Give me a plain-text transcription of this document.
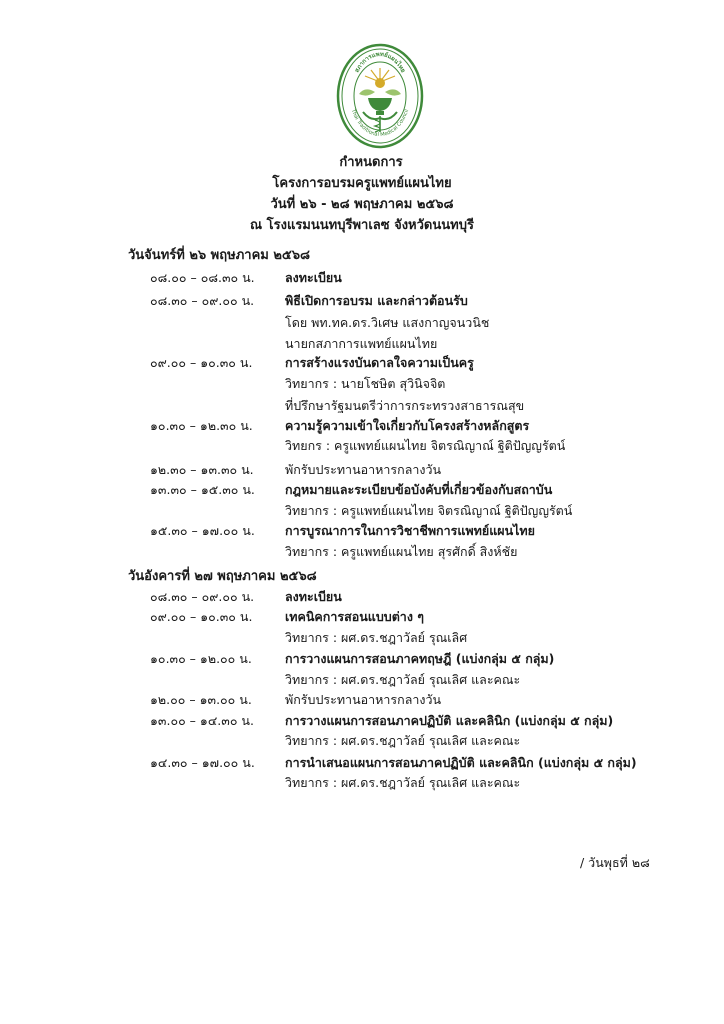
สภาการแพทย์แผนไทย
Thai Traditional Medical Council
กำหนดการ
โครงการอบรมครูแพทย์แผนไทย
วันที่ ๒๖ - ๒๘ พฤษภาคม ๒๕๖๘
ณ โรงแรมนนทบุรีพาเลซ จังหวัดนนทบุรี
วันจันทร์ที่ ๒๖ พฤษภาคม ๒๕๖๘
๐๘.๐๐ – ๐๘.๓๐ น.	ลงทะเบียน
๐๘.๓๐ – ๐๙.๐๐ น.	พิธีเปิดการอบรม และกล่าวต้อนรับ
โดย พท.ทค.ดร.วิเศษ แสงกาญจนวนิช
นายกสภาการแพทย์แผนไทย
๐๙.๐๐ – ๑๐.๓๐ น.	การสร้างแรงบันดาลใจความเป็นครู
วิทยากร : นายโชษิต สุวินิจจิต
ที่ปรึกษารัฐมนตรีว่าการกระทรวงสาธารณสุข
๑๐.๓๐ – ๑๒.๓๐ น.	ความรู้ความเข้าใจเกี่ยวกับโครงสร้างหลักสูตร
วิทยกร : ครูแพทย์แผนไทย จิตรณิญาณ์ ฐิติปัญญรัตน์
๑๒.๓๐ – ๑๓.๓๐ น.	พักรับประทานอาหารกลางวัน
๑๓.๓๐ – ๑๕.๓๐ น.	กฎหมายและระเบียบข้อบังคับที่เกี่ยวข้องกับสถาบัน
วิทยากร : ครูแพทย์แผนไทย จิตรณิญาณ์ ฐิติปัญญรัตน์
๑๕.๓๐ – ๑๗.๐๐ น.	การบูรณาการในการวิชาชีพการแพทย์แผนไทย
วิทยากร : ครูแพทย์แผนไทย สุรศักดิ์ สิงห์ชัย
วันอังคารที่ ๒๗ พฤษภาคม ๒๕๖๘
๐๘.๓๐ – ๐๙.๐๐ น.	ลงทะเบียน
๐๙.๐๐ – ๑๐.๓๐ น.	เทคนิคการสอนแบบต่าง ๆ
วิทยากร : ผศ.ดร.ชฎาวัลย์ รุณเลิศ
๑๐.๓๐ – ๑๒.๐๐ น.	การวางแผนการสอนภาคทฤษฎี (แบ่งกลุ่ม ๕ กลุ่ม)
วิทยากร : ผศ.ดร.ชฎาวัลย์ รุณเลิศ และคณะ
๑๒.๐๐ – ๑๓.๐๐ น.	พักรับประทานอาหารกลางวัน
๑๓.๐๐ – ๑๔.๓๐ น.	การวางแผนการสอนภาคปฏิบัติ และคลินิก (แบ่งกลุ่ม ๕ กลุ่ม)
วิทยากร : ผศ.ดร.ชฎาวัลย์ รุณเลิศ และคณะ
๑๔.๓๐ – ๑๗.๐๐ น.	การนำเสนอแผนการสอนภาคปฏิบัติ และคลินิก (แบ่งกลุ่ม ๕ กลุ่ม)
วิทยากร : ผศ.ดร.ชฎาวัลย์ รุณเลิศ และคณะ
/ วันพุธที่ ๒๘
